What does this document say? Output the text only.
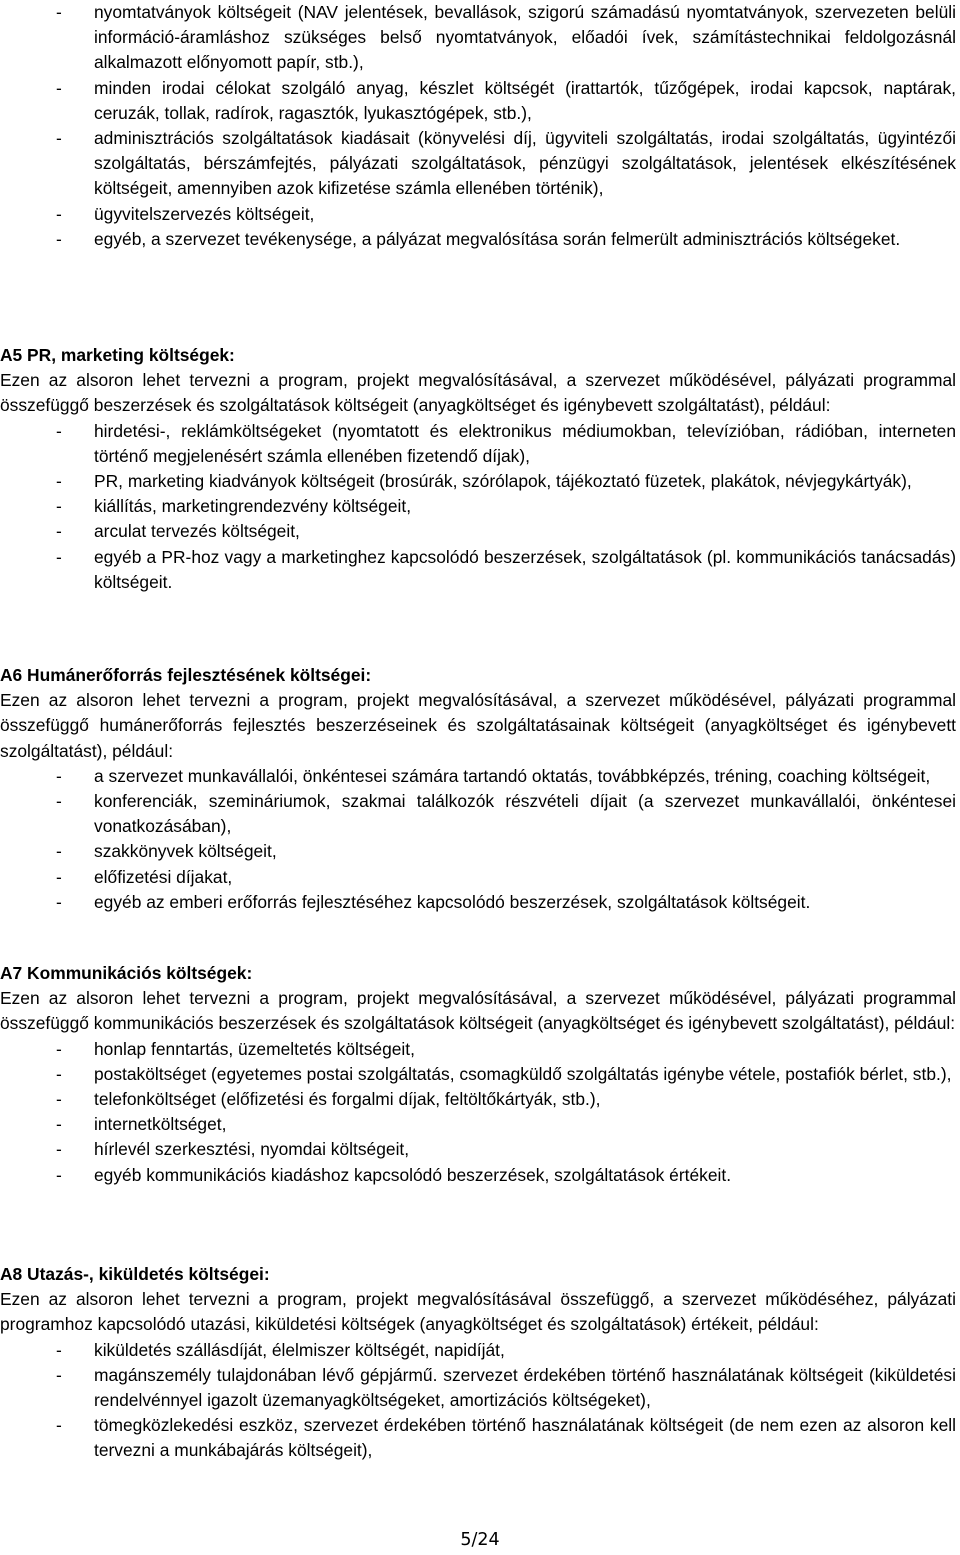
- nyomtatványok költségeit (NAV jelentések, bevallások, szigorú számadású nyomtatványok, szervezeten belüli információ-áramláshoz szükséges belső nyomtatványok, előadói ívek, számítástechnikai feldolgozásnál alkalmazott előnyomott papír, stb.),

- minden irodai célokat szolgáló anyag, készlet költségét (irattartók, tűzőgépek, irodai kapcsok, naptárak, ceruzák, tollak, radírok, ragasztók, lyukasztógépek, stb.),

- adminisztrációs szolgáltatások kiadásait (könyvelési díj, ügyviteli szolgáltatás, irodai szolgáltatás, ügyintézői szolgáltatás, bérszámfejtés, pályázati szolgáltatások, pénzügyi szolgáltatások, jelentések elkészítésének költségeit, amennyiben azok kifizetése számla ellenében történik),

- ügyvitelszervezés költségeit,

- egyéb, a szervezet tevékenysége, a pályázat megvalósítása során felmerült adminisztrációs költségeket.

A5 PR, marketing költségek:

Ezen az alsoron lehet tervezni a program, projekt megvalósításával, a szervezet működésével, pályázati programmal összefüggő beszerzések és szolgáltatások költségeit (anyagköltséget és igénybevett szolgáltatást), például:

- hirdetési-, reklámköltségeket (nyomtatott és elektronikus médiumokban, televízióban, rádióban, interneten történő megjelenésért számla ellenében fizetendő díjak),

- PR, marketing kiadványok költségeit (brosúrák, szórólapok, tájékoztató füzetek, plakátok, névjegykártyák),

- kiállítás, marketingrendezvény költségeit,

- arculat tervezés költségeit,

- egyéb a PR-hoz vagy a marketinghez kapcsolódó beszerzések, szolgáltatások (pl. kommunikációs tanácsadás) költségeit.

A6 Humánerőforrás fejlesztésének költségei:

Ezen az alsoron lehet tervezni a program, projekt megvalósításával, a szervezet működésével, pályázati programmal összefüggő humánerőforrás fejlesztés beszerzéseinek és szolgáltatásainak költségeit (anyagköltséget és igénybevett szolgáltatást), például:

- a szervezet munkavállalói, önkéntesei számára tartandó oktatás, továbbképzés, tréning, coaching költségeit,

- konferenciák, szemináriumok, szakmai találkozók részvételi díjait (a szervezet munkavállalói, önkéntesei vonatkozásában),

- szakkönyvek költségeit,

- előfizetési díjakat,

- egyéb az emberi erőforrás fejlesztéséhez kapcsolódó beszerzések, szolgáltatások költségeit.

A7 Kommunikációs költségek:

Ezen az alsoron lehet tervezni a program, projekt megvalósításával, a szervezet működésével, pályázati programmal összefüggő kommunikációs beszerzések és szolgáltatások költségeit (anyagköltséget és igénybevett szolgáltatást), például:

- honlap fenntartás, üzemeltetés költségeit,

- postaköltséget (egyetemes postai szolgáltatás, csomagküldő szolgáltatás igénybe vétele, postafiók bérlet, stb.),

- telefonköltséget (előfizetési és forgalmi díjak, feltöltőkártyák, stb.),

- internetköltséget,

- hírlevél szerkesztési, nyomdai költségeit,

- egyéb kommunikációs kiadáshoz kapcsolódó beszerzések, szolgáltatások értékeit.

A8 Utazás-, kiküldetés költségei:

Ezen az alsoron lehet tervezni a program, projekt megvalósításával összefüggő, a szervezet működéséhez, pályázati programhoz kapcsolódó utazási, kiküldetési költségek (anyagköltséget és szolgáltatások) értékeit, például:

- kiküldetés szállásdíját, élelmiszer költségét, napidíját,

- magánszemély tulajdonában lévő gépjármű. szervezet érdekében történő használatának költségeit (kiküldetési rendelvénnyel igazolt üzemanyagköltségeket, amortizációs költségeket),

- tömegközlekedési eszköz, szervezet érdekében történő használatának költségeit (de nem ezen az alsoron kell tervezni a munkábajárás költségeit),

5/24
